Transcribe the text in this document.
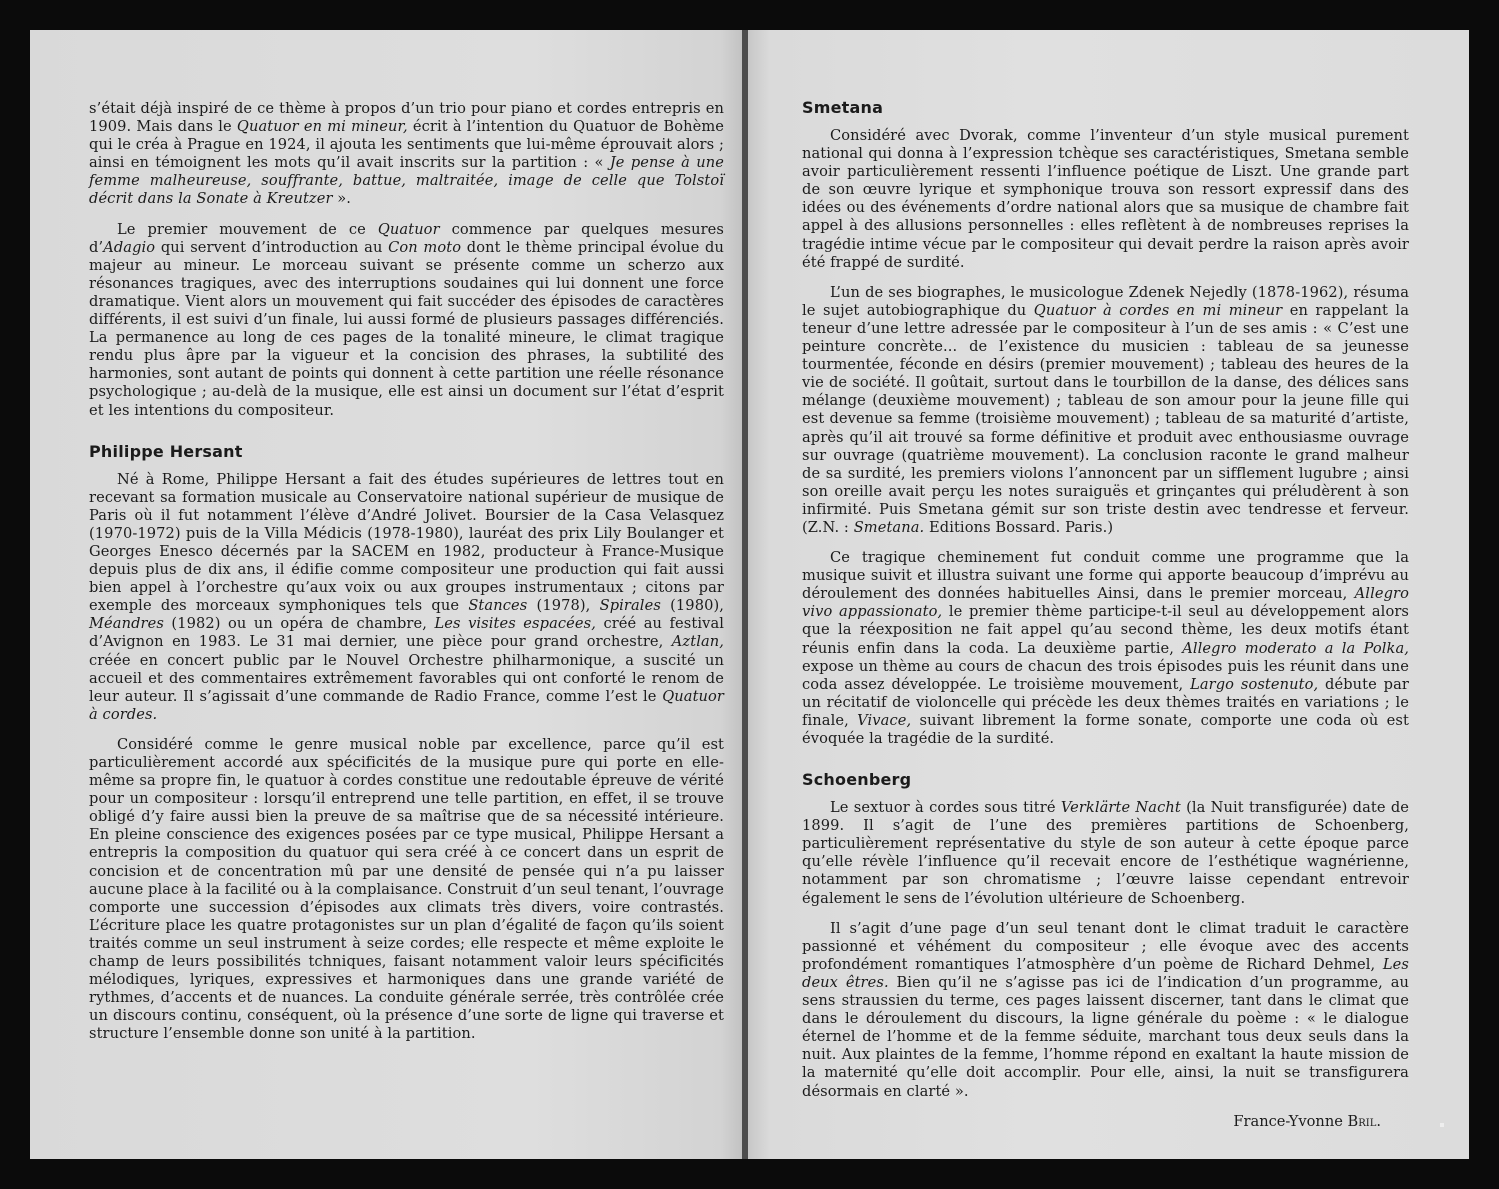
s’était déjà inspiré de ce thème à propos d’un trio pour piano et cordes entrepris en 1909. Mais dans le Quatuor en mi mineur, écrit à l’intention du Quatuor de Bohème qui le créa à Prague en 1924, il ajouta les sentiments que lui-même éprouvait alors ; ainsi en témoignent les mots qu’il avait inscrits sur la partition : « Je pense à une femme malheureuse, souffrante, battue, maltraitée, image de celle que Tolstoï décrit dans la Sonate à Kreutzer ».

Le premier mouvement de ce Quatuor commence par quelques mesures d’Adagio qui servent d’introduction au Con moto dont le thème principal évolue du majeur au mineur. Le morceau suivant se présente comme un scherzo aux résonances tragiques, avec des interruptions soudaines qui lui donnent une force dramatique. Vient alors un mouvement qui fait succéder des épisodes de caractères différents, il est suivi d’un finale, lui aussi formé de plusieurs passages différenciés. La permanence au long de ces pages de la tonalité mineure, le climat tragique rendu plus âpre par la vigueur et la concision des phrases, la subtilité des harmonies, sont autant de points qui donnent à cette partition une réelle résonance psychologique ; au-delà de la musique, elle est ainsi un document sur l’état d’esprit et les intentions du compositeur.

Philippe Hersant

Né à Rome, Philippe Hersant a fait des études supérieures de lettres tout en recevant sa formation musicale au Conservatoire national supérieur de musique de Paris où il fut notamment l’élève d’André Jolivet. Boursier de la Casa Velasquez (1970-1972) puis de la Villa Médicis (1978-1980), lauréat des prix Lily Boulanger et Georges Enesco décernés par la SACEM en 1982, producteur à France-Musique depuis plus de dix ans, il édifie comme compositeur une production qui fait aussi bien appel à l’orchestre qu’aux voix ou aux groupes instrumentaux ; citons par exemple des morceaux symphoniques tels que Stances (1978), Spirales (1980), Méandres (1982) ou un opéra de chambre, Les visites espacées, créé au festival d’Avignon en 1983. Le 31 mai dernier, une pièce pour grand orchestre, Aztlan, créée en concert public par le Nouvel Orchestre philharmonique, a suscité un accueil et des commentaires extrêmement favorables qui ont conforté le renom de leur auteur. Il s’agissait d’une commande de Radio France, comme l’est le Quatuor à cordes.

Considéré comme le genre musical noble par excellence, parce qu’il est particulièrement accordé aux spécificités de la musique pure qui porte en elle-même sa propre fin, le quatuor à cordes constitue une redoutable épreuve de vérité pour un compositeur : lorsqu’il entreprend une telle partition, en effet, il se trouve obligé d’y faire aussi bien la preuve de sa maîtrise que de sa nécessité intérieure. En pleine conscience des exigences posées par ce type musical, Philippe Hersant a entrepris la composition du quatuor qui sera créé à ce concert dans un esprit de concision et de concentration mû par une densité de pensée qui n’a pu laisser aucune place à la facilité ou à la complaisance. Construit d’un seul tenant, l’ouvrage comporte une succession d’épisodes aux climats très divers, voire contrastés. L’écriture place les quatre protagonistes sur un plan d’égalité de façon qu’ils soient traités comme un seul instrument à seize cordes; elle respecte et même exploite le champ de leurs possibilités tchniques, faisant notamment valoir leurs spécificités mélodiques, lyriques, expressives et harmoniques dans une grande variété de rythmes, d’accents et de nuances. La conduite générale serrée, très contrôlée crée un discours continu, conséquent, où la présence d’une sorte de ligne qui traverse et structure l’ensemble donne son unité à la partition.

Smetana

Considéré avec Dvorak, comme l’inventeur d’un style musical purement national qui donna à l’expression tchèque ses caractéristiques, Smetana semble avoir particulièrement ressenti l’influence poétique de Liszt. Une grande part de son œuvre lyrique et symphonique trouva son ressort expressif dans des idées ou des événements d’ordre national alors que sa musique de chambre fait appel à des allusions personnelles : elles reflètent à de nombreuses reprises la tragédie intime vécue par le compositeur qui devait perdre la raison après avoir été frappé de surdité.

L’un de ses biographes, le musicologue Zdenek Nejedly (1878-1962), résuma le sujet autobiographique du Quatuor à cordes en mi mineur en rappelant la teneur d’une lettre adressée par le compositeur à l’un de ses amis : « C’est une peinture concrète... de l’existence du musicien : tableau de sa jeunesse tourmentée, féconde en désirs (premier mouvement) ; tableau des heures de la vie de société. Il goûtait, surtout dans le tourbillon de la danse, des délices sans mélange (deuxième mouvement) ; tableau de son amour pour la jeune fille qui est devenue sa femme (troisième mouvement) ; tableau de sa maturité d’artiste, après qu’il ait trouvé sa forme définitive et produit avec enthousiasme ouvrage sur ouvrage (quatrième mouvement). La conclusion raconte le grand malheur de sa surdité, les premiers violons l’annoncent par un sifflement lugubre ; ainsi son oreille avait perçu les notes suraiguës et grinçantes qui préludèrent à son infirmité. Puis Smetana gémit sur son triste destin avec tendresse et ferveur. (Z.N. : Smetana. Editions Bossard. Paris.)

Ce tragique cheminement fut conduit comme une programme que la musique suivit et illustra suivant une forme qui apporte beaucoup d’imprévu au déroulement des données habituelles Ainsi, dans le premier morceau, Allegro vivo appassionato, le premier thème participe-t-il seul au développement alors que la réexposition ne fait appel qu’au second thème, les deux motifs étant réunis enfin dans la coda. La deuxième partie, Allegro moderato a la Polka, expose un thème au cours de chacun des trois épisodes puis les réunit dans une coda assez développée. Le troisième mouvement, Largo sostenuto, débute par un récitatif de violoncelle qui précède les deux thèmes traités en variations ; le finale, Vivace, suivant librement la forme sonate, comporte une coda où est évoquée la tragédie de la surdité.

Schoenberg

Le sextuor à cordes sous titré Verklärte Nacht (la Nuit transfigurée) date de 1899. Il s’agit de l’une des premières partitions de Schoenberg, particulièrement représentative du style de son auteur à cette époque parce qu’elle révèle l’influence qu’il recevait encore de l’esthétique wagnérienne, notamment par son chromatisme ; l’œuvre laisse cependant entrevoir également le sens de l’évolution ultérieure de Schoenberg.

Il s’agit d’une page d’un seul tenant dont le climat traduit le caractère passionné et véhément du compositeur ; elle évoque avec des accents profondément romantiques l’atmosphère d’un poème de Richard Dehmel, Les deux êtres. Bien qu’il ne s’agisse pas ici de l’indication d’un programme, au sens straussien du terme, ces pages laissent discerner, tant dans le climat que dans le déroulement du discours, la ligne générale du poème : « le dialogue éternel de l’homme et de la femme séduite, marchant tous deux seuls dans la nuit. Aux plaintes de la femme, l’homme répond en exaltant la haute mission de la maternité qu’elle doit accomplir. Pour elle, ainsi, la nuit se transfigurera désormais en clarté ».

France-Yvonne Bril.
